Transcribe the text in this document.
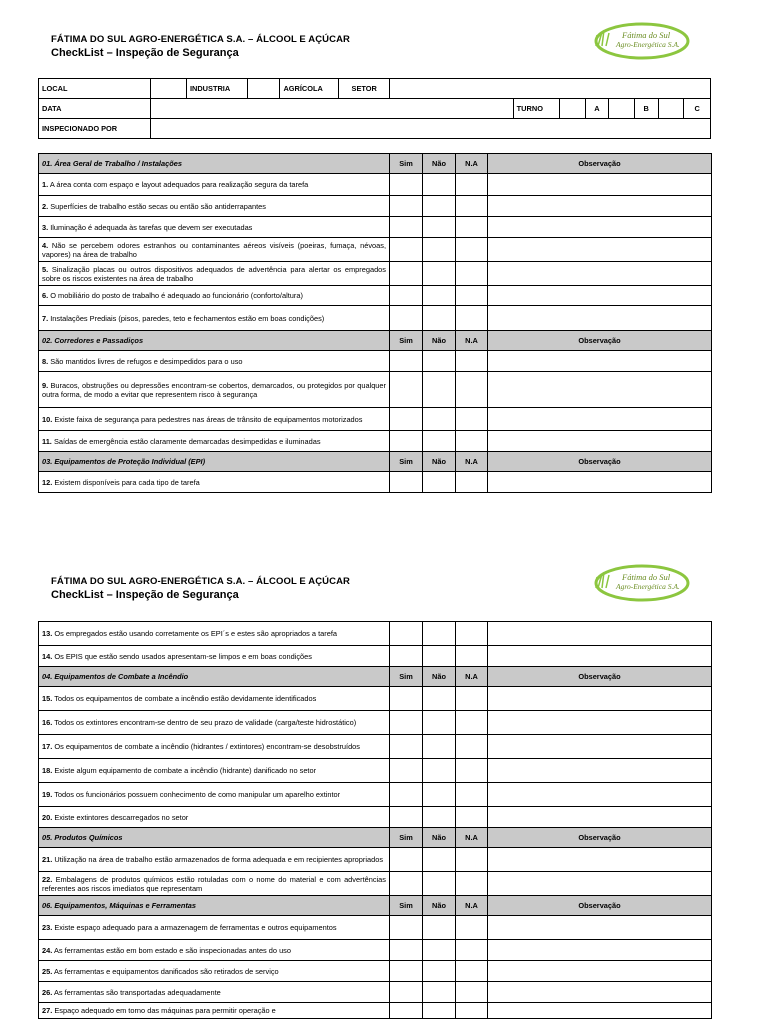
FÁTIMA DO SUL AGRO-ENERGÉTICA S.A. – ÁLCOOL E AÇÚCAR
CheckList – Inspeção de Segurança
Fátima do Sul
Agro-Energética S.A.
LOCAL		INDUSTRIA		AGRÍCOLA	SETOR								
DATA							TURNO		A		B		C
INSPECIONADO POR													
01. Área Geral de Trabalho / Instalações	Sim	Não	N.A	Observação
1. A área conta com espaço e layout adequados para realização segura da tarefa				
2. Superfícies de trabalho estão secas ou então são antiderrapantes				
3. Iluminação é adequada às tarefas que devem ser executadas				
4. Não se percebem odores estranhos ou contaminantes aéreos visíveis (poeiras, fumaça, névoas, vapores) na área de trabalho				
5. Sinalização placas ou outros dispositivos adequados de advertência para alertar os empregados sobre os riscos existentes na área de trabalho				
6. O mobiliário do posto de trabalho é adequado ao funcionário (conforto/altura)				
7. Instalações Prediais (pisos, paredes, teto e fechamentos estão em boas condições)				
02. Corredores e Passadiços	Sim	Não	N.A	Observação
8. São mantidos livres de refugos e desimpedidos para o uso				
9. Buracos, obstruções ou depressões encontram-se cobertos, demarcados, ou protegidos por qualquer outra forma, de modo a evitar que representem risco à segurança				
10. Existe faixa de segurança para pedestres nas áreas de trânsito de equipamentos motorizados				
11. Saídas de emergência estão claramente demarcadas desimpedidas e iluminadas				
03. Equipamentos de Proteção Individual (EPI)	Sim	Não	N.A	Observação
12. Existem disponíveis para cada tipo de tarefa				
FÁTIMA DO SUL AGRO-ENERGÉTICA S.A. – ÁLCOOL E AÇÚCAR
CheckList – Inspeção de Segurança
Fátima do Sul
Agro-Energética S.A.
13. Os empregados estão usando corretamente os EPI´s e estes são apropriados a tarefa				
14. Os EPIS que estão sendo usados apresentam-se limpos e em boas condições				
04. Equipamentos de Combate a Incêndio	Sim	Não	N.A	Observação
15. Todos os equipamentos de combate a incêndio estão devidamente identificados				
16. Todos os extintores encontram-se dentro de seu prazo de validade (carga/teste hidrostático)				
17. Os equipamentos de combate a incêndio (hidrantes / extintores) encontram-se desobstruídos				
18. Existe algum equipamento de combate a incêndio (hidrante) danificado no setor				
19. Todos os funcionários possuem conhecimento de como manipular um aparelho extintor				
20. Existe extintores descarregados no setor				
05. Produtos Químicos	Sim	Não	N.A	Observação
21. Utilização na área de trabalho estão armazenados de forma adequada e em recipientes apropriados				
22. Embalagens de produtos químicos estão rotuladas com o nome do material e com advertências referentes aos riscos imediatos que representam				
06. Equipamentos, Máquinas e Ferramentas	Sim	Não	N.A	Observação
23. Existe espaço adequado para a armazenagem de ferramentas e outros equipamentos				
24. As ferramentas estão em bom estado e são inspecionadas antes do uso				
25. As ferramentas e equipamentos danificados são retirados de serviço				
26. As ferramentas são transportadas adequadamente				
27. Espaço adequado em torno das máquinas para permitir operação e				
